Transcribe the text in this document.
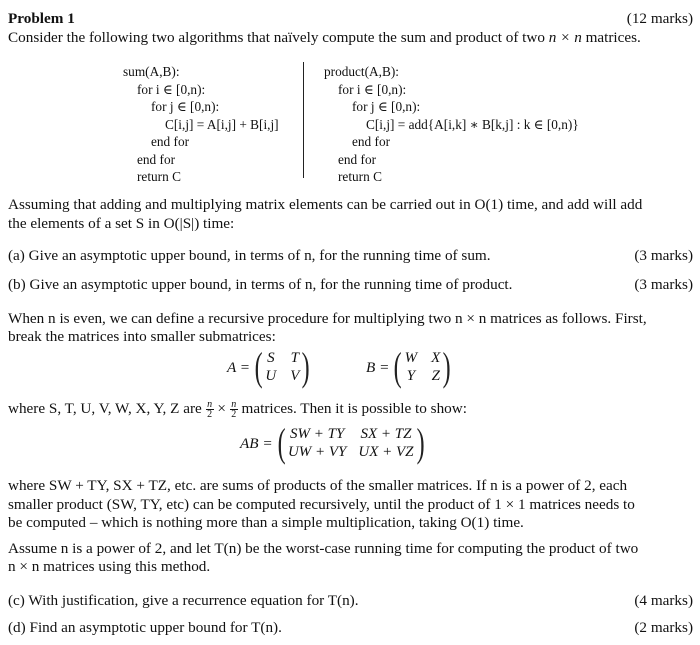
Problem 1	(12 marks)
Consider the following two algorithms that naïvely compute the sum and product of two n × n matrices.
sum(A,B):
for i ∈ [0,n):
for j ∈ [0,n):
C[i,j] = A[i,j] + B[i,j]
end for
end for
return C
product(A,B):
for i ∈ [0,n):
for j ∈ [0,n):
C[i,j] = add{A[i,k] ∗ B[k,j] : k ∈ [0,n)}
end for
end for
return C
Assuming that adding and multiplying matrix elements can be carried out in O(1) time, and add will add
the elements of a set S in O(|S|) time:
(a) Give an asymptotic upper bound, in terms of n, for the running time of sum.	(3 marks)
(b) Give an asymptotic upper bound, in terms of n, for the running time of product.	(3 marks)
When n is even, we can define a recursive procedure for multiplying two n × n matrices as follows. First,
break the matrices into smaller submatrices:
A = ( S T
U V )	B = ( W X
Y Z )
where S, T, U, V, W, X, Y, Z are $\frac{n}{2} \times \frac{n}{2}$ matrices. Then it is possible to show:
AB = ( SW + TY SX + TZ
UW + VY UX + VZ )
where SW + TY, SX + TZ, etc. are sums of products of the smaller matrices. If n is a power of 2, each
smaller product (SW, TY, etc) can be computed recursively, until the product of 1 × 1 matrices needs to
be computed – which is nothing more than a simple multiplication, taking O(1) time.
Assume n is a power of 2, and let T(n) be the worst-case running time for computing the product of two
n × n matrices using this method.
(c) With justification, give a recurrence equation for T(n).	(4 marks)
(d) Find an asymptotic upper bound for T(n).	(2 marks)
